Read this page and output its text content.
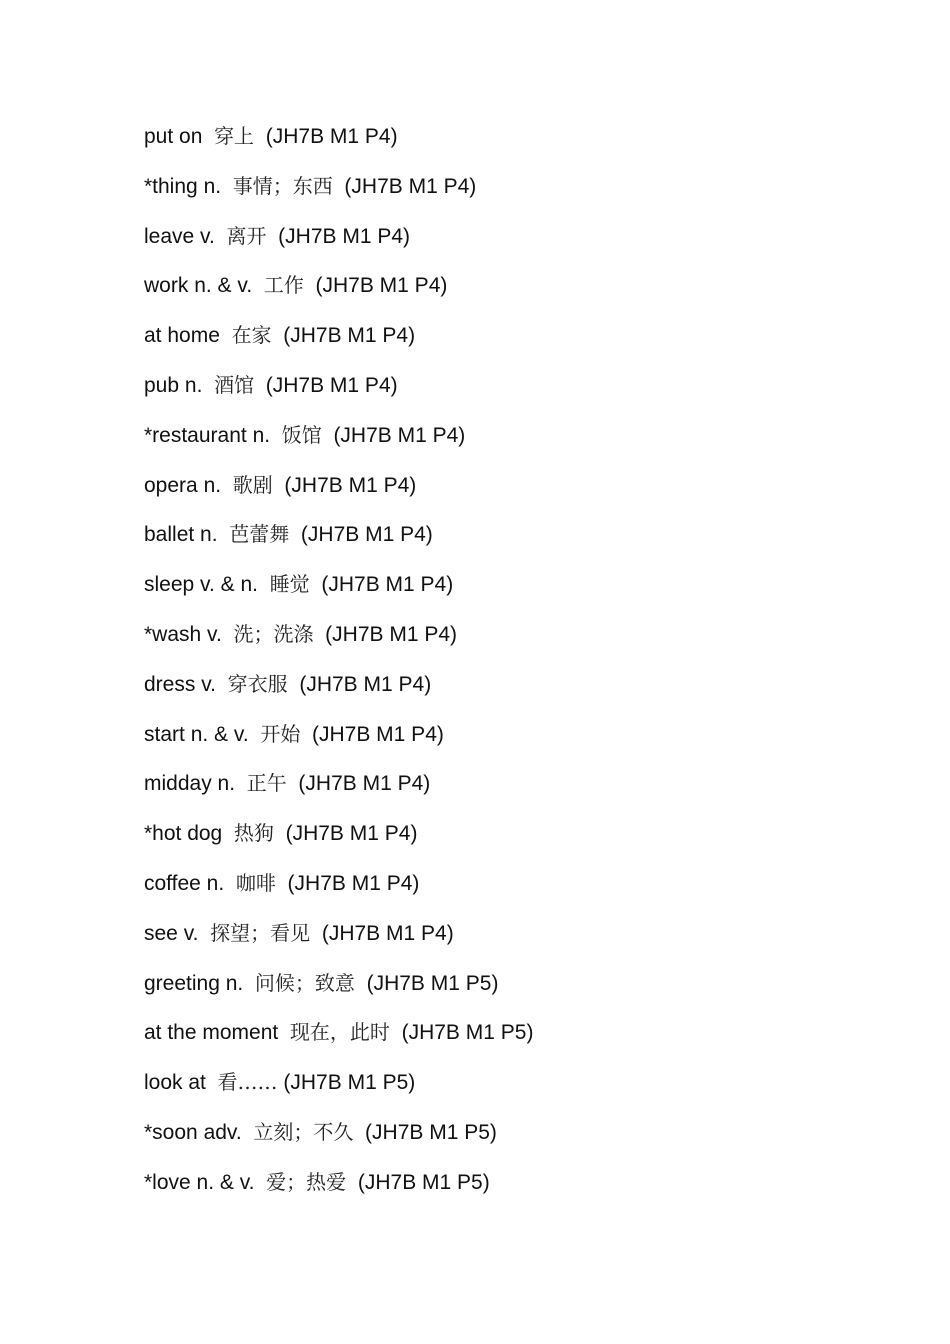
put on 穿上 (JH7B M1 P4)
*thing n. 事情；东西 (JH7B M1 P4)
leave v. 离开 (JH7B M1 P4)
work n. & v. 工作 (JH7B M1 P4)
at home 在家 (JH7B M1 P4)
pub n. 酒馆 (JH7B M1 P4)
*restaurant n. 饭馆 (JH7B M1 P4)
opera n. 歌剧 (JH7B M1 P4)
ballet n. 芭蕾舞 (JH7B M1 P4)
sleep v. & n. 睡觉 (JH7B M1 P4)
*wash v. 洗；洗涤 (JH7B M1 P4)
dress v. 穿衣服 (JH7B M1 P4)
start n. & v. 开始 (JH7B M1 P4)
midday n. 正午 (JH7B M1 P4)
*hot dog 热狗 (JH7B M1 P4)
coffee n. 咖啡 (JH7B M1 P4)
see v. 探望；看见 (JH7B M1 P4)
greeting n. 问候；致意 (JH7B M1 P5)
at the moment 现在，此时 (JH7B M1 P5)
look at 看…… (JH7B M1 P5)
*soon adv. 立刻；不久 (JH7B M1 P5)
*love n. & v. 爱；热爱 (JH7B M1 P5)
